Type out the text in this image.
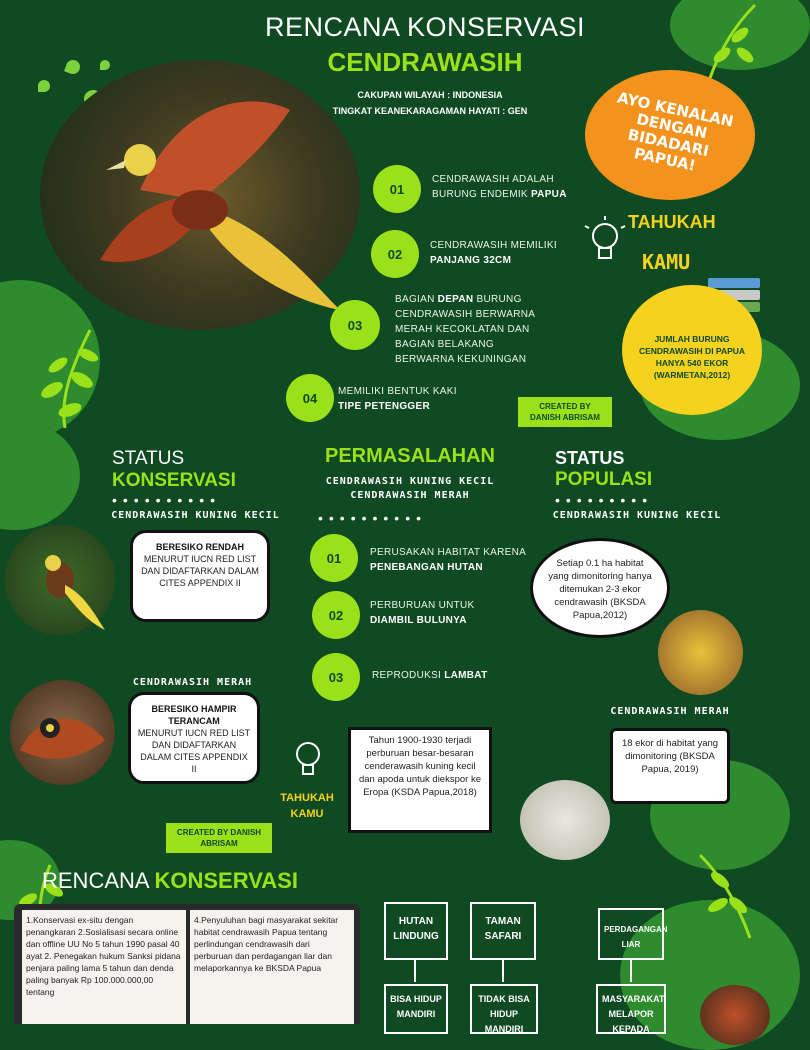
RENCANA KONSERVASI
CENDRAWASIH
CAKUPAN WILAYAH : INDONESIA
TINGKAT KEANEKARAGAMAN HAYATI : GEN	AYO KENALAN DENGAN BIDADARI PAPUA!
01
CENDRAWASIH ADALAH BURUNG ENDEMIK PAPUA
02
CENDRAWASIH MEMILIKI PANJANG 32CM
03
BAGIAN DEPAN BURUNG CENDRAWASIH BERWARNA MERAH KECOKLATAN DAN BAGIAN BELAKANG BERWARNA KEKUNINGAN
04	MEMILIKI BENTUK KAKI TIPE PETENGGER
TAHUKAH
KAMU
JUMLAH BURUNG CENDRAWASIH DI PAPUA HANYA 540 EKOR (WARMETAN,2012)
CREATED BY DANISH ABRISAM
STATUS
KONSERVASI
••••••••••
CENDRAWASIH KUNING KECIL
BERESIKO RENDAH
MENURUT IUCN RED LIST DAN DIDAFTARKAN DALAM CITES APPENDIX II
CENDRAWASIH MERAH
BERESIKO HAMPIR TERANCAM
MENURUT IUCN RED LIST DAN DIDAFTARKAN DALAM CITES APPENDIX II
CREATED BY DANISH ABRISAM
PERMASALAHAN
CENDRAWASIH KUNING KECIL CENDRAWASIH MERAH
••••••••••
01	PERUSAKAN HABITAT KARENA
PENEBANGAN HUTAN
02
PERBURUAN UNTUK
DIAMBIL BULUNYA
03	REPRODUKSI LAMBAT
TAHUKAH KAMU
Tahun 1900-1930 terjadi perburuan besar-besaran cenderawasih kuning kecil dan apoda untuk diekspor ke Eropa (KSDA Papua,2018)
STATUS
POPULASI
•••••••••
CENDRAWASIH KUNING KECIL
Setiap 0.1 ha habitat yang dimonitoring hanya ditemukan 2-3 ekor cendrawasih (BKSDA Papua,2012)
CENDRAWASIH MERAH
18 ekor di habitat yang dimonitoring (BKSDA Papua, 2019)
RENCANA KONSERVASI
1.Konservasi ex-situ dengan penangkaran 2.Sosialisasi secara online dan offline UU No 5 tahun 1990 pasal 40 ayat 2. Penegakan hukum Sanksi pidana penjara paling lama 5 tahun dan denda paling banyak Rp 100.000.000,00 tentang
4.Penyuluhan bagi masyarakat sekitar habitat cendrawasih Papua tentang perlindungan cendrawasih dari perburuan dan perdagangan liar dan melaporkannya ke BKSDA Papua
HUTAN LINDUNG
TAMAN SAFARI
PERDAGANGAN LIAR
BISA HIDUP MANDIRI
TIDAK BISA HIDUP MANDIRI
MASYARAKAT MELAPOR KEPADA
